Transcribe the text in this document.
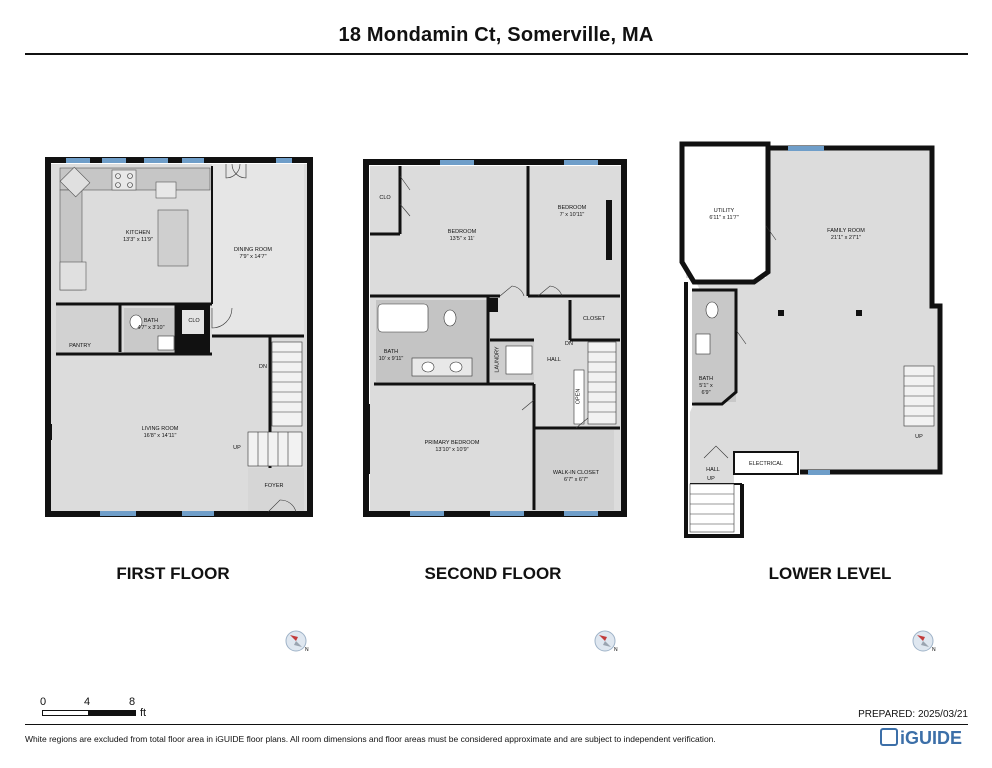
18 Mondamin Ct, Somerville, MA
KITCHEN
13'3" x 11'9"
DINING ROOM
7'9" x 14'7"
BATH
4'7" x 3'10"
CLO
PANTRY
LIVING ROOM
16'8" x 14'11"
FOYER
DN
UP
CLO
BEDROOM
13'5" x 11'
BEDROOM
7' x 10'11"
BATH
10' x 9'11"	LAUNDRY	HALL
CLOSET
PRIMARY BEDROOM
13'10" x 10'9"
WALK-IN CLOSET
6'7" x 6'7"
DN
OPEN
UTILITY
6'11" x 11'7"
FAMILY ROOM
21'1" x 27'1"
BATH
5'1" x 6'9"
HALL
ELECTRICAL
UP
UP
FIRST FLOOR	SECOND FLOOR	LOWER LEVEL
N	N	N
0	4	8
ft	PREPARED: 2025/03/21
White regions are excluded from total floor area in iGUIDE floor plans. All room dimensions and floor areas must be considered approximate and are subject to independent verification.	iGUIDE
